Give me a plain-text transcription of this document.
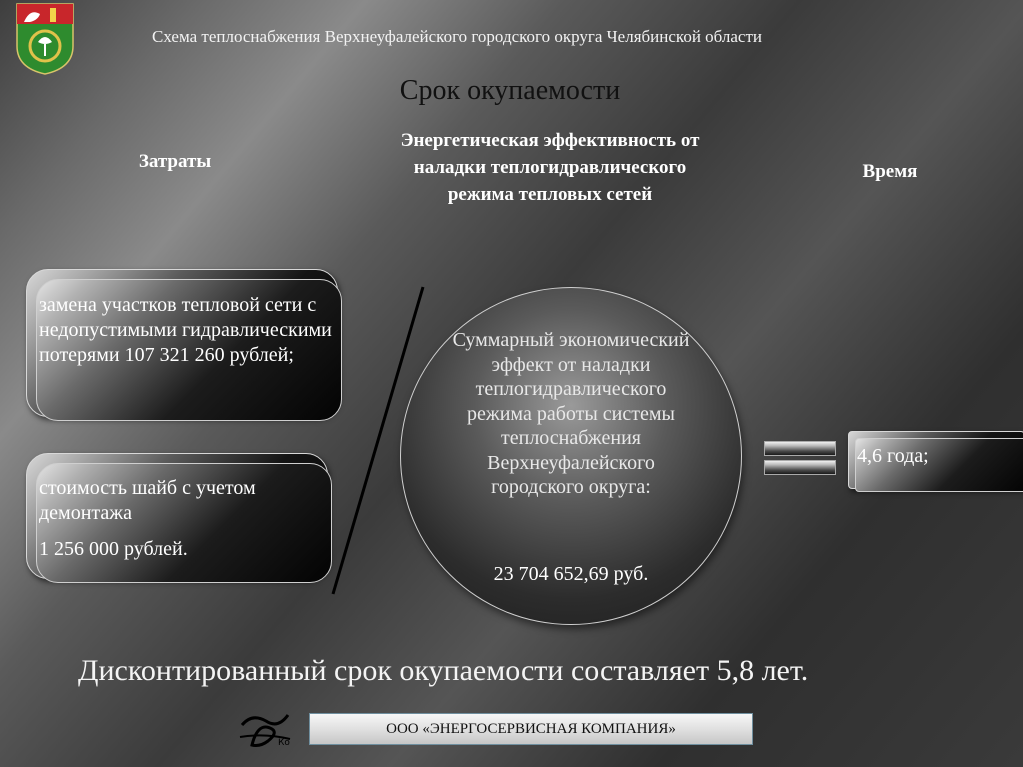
Схема теплоснабжения Верхнеуфалейского городского округа Челябинской области
Срок окупаемости
Затраты
Энергетическая эффективность от наладки теплогидравлического режима тепловых сетей
Время
замена участков тепловой сети с недопустимыми гидравлическими потерями 107 321 260 рублей;
стоимость шайб с учетом демонтажа
1 256 000 рублей.
Суммарный экономический эффект от наладки теплогидравлического режима работы системы теплоснабжения Верхнеуфалейского городского округа:
23 704 652,69 руб.
4,6 года;
Дисконтированный срок окупаемости составляет 5,8 лет.
Ко
ООО «ЭНЕРГОСЕРВИСНАЯ КОМПАНИЯ»
